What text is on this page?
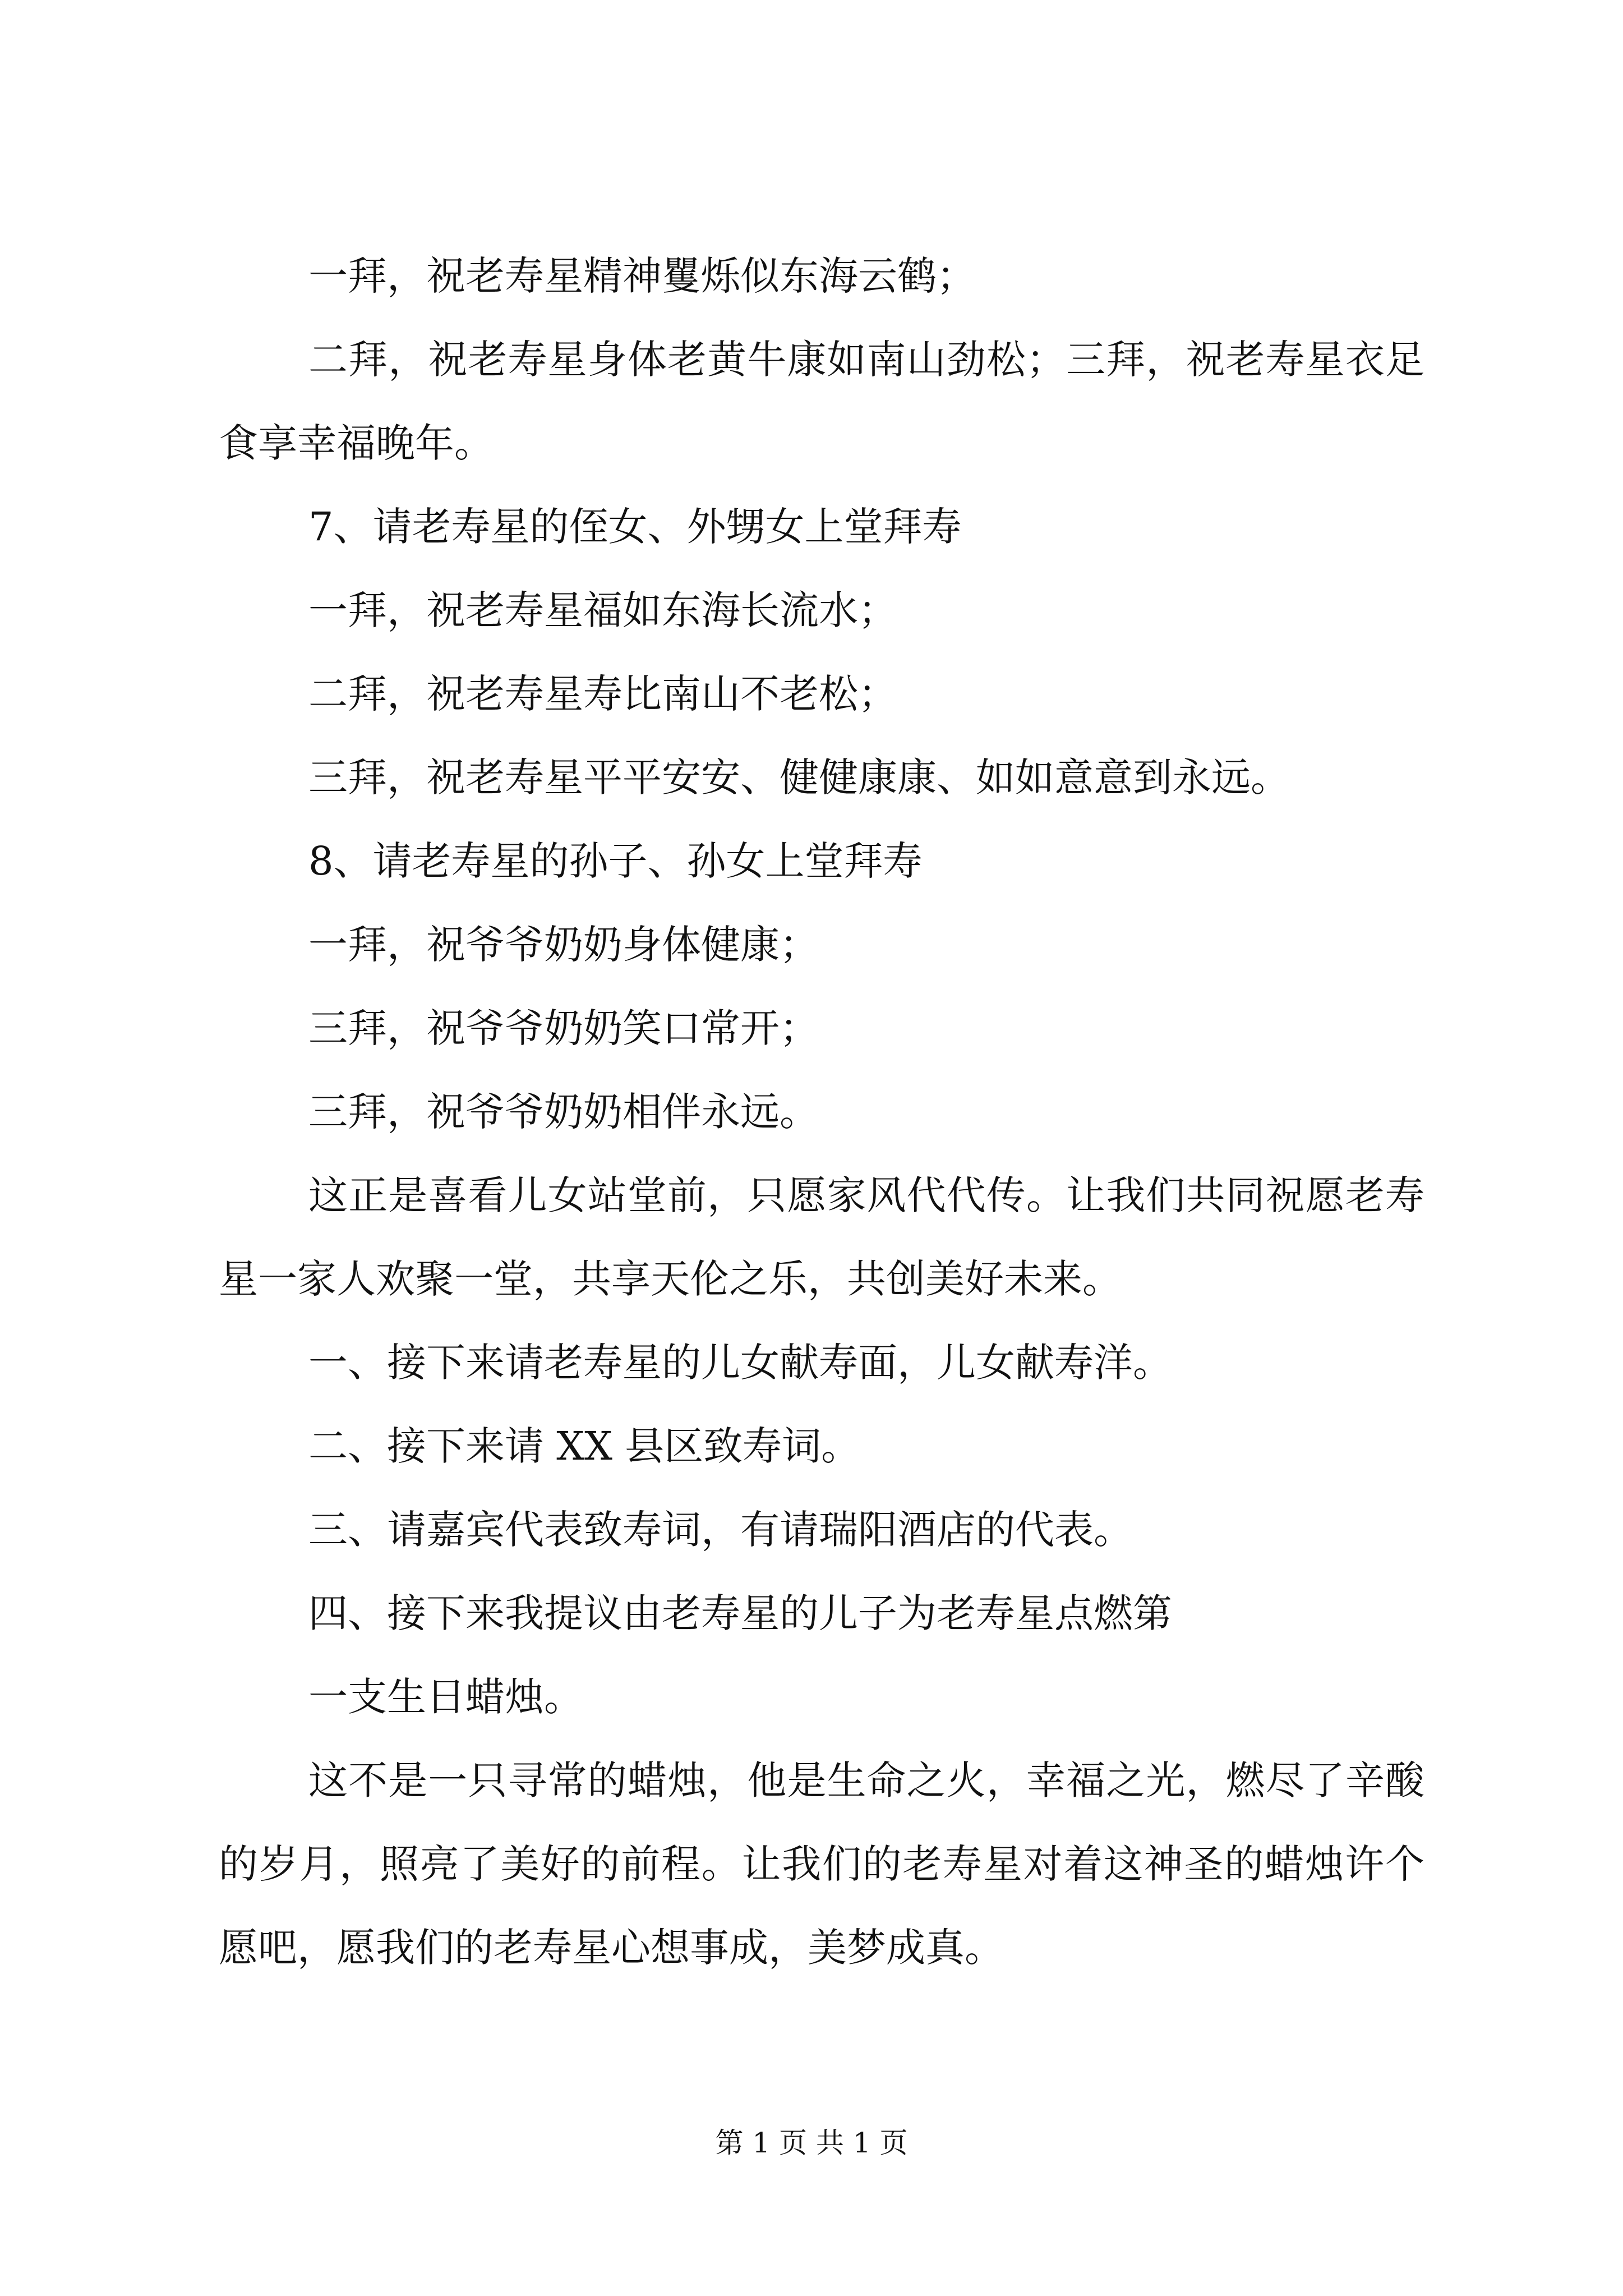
一拜，祝老寿星精神矍烁似东海云鹤；

二拜，祝老寿星身体老黄牛康如南山劲松；三拜，祝老寿星衣足食享幸福晚年。

7、请老寿星的侄女、外甥女上堂拜寿

一拜，祝老寿星福如东海长流水；

二拜，祝老寿星寿比南山不老松；

三拜，祝老寿星平平安安、健健康康、如如意意到永远。

8、请老寿星的孙子、孙女上堂拜寿

一拜，祝爷爷奶奶身体健康；

三拜，祝爷爷奶奶笑口常开；

三拜，祝爷爷奶奶相伴永远。

这正是喜看儿女站堂前，只愿家风代代传。让我们共同祝愿老寿星一家人欢聚一堂，共享天伦之乐，共创美好未来。

一、接下来请老寿星的儿女献寿面，儿女献寿洋。

二、接下来请 XX 县区致寿词。

三、请嘉宾代表致寿词，有请瑞阳酒店的代表。

四、接下来我提议由老寿星的儿子为老寿星点燃第

一支生日蜡烛。

这不是一只寻常的蜡烛，他是生命之火，幸福之光，燃尽了辛酸的岁月，照亮了美好的前程。让我们的老寿星对着这神圣的蜡烛许个愿吧，愿我们的老寿星心想事成，美梦成真。

第 1 页 共 1 页
